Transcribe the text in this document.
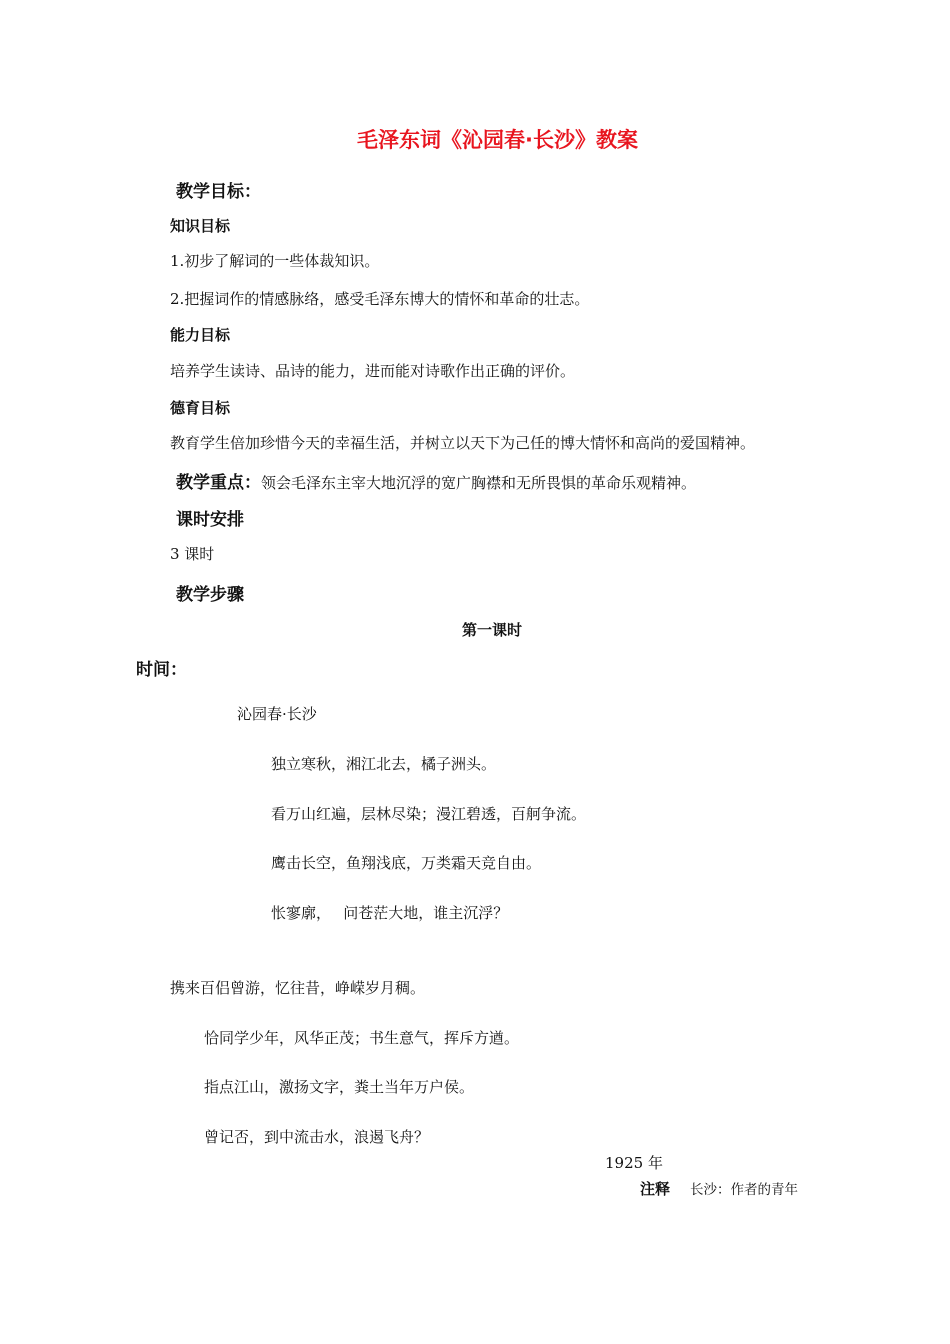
毛泽东词《沁园春·长沙》教案
教学目标：
知识目标
1.初步了解词的一些体裁知识。
2.把握词作的情感脉络，感受毛泽东博大的情怀和革命的壮志。
能力目标
培养学生读诗、品诗的能力，进而能对诗歌作出正确的评价。
德育目标
教育学生倍加珍惜今天的幸福生活，并树立以天下为己任的博大情怀和高尚的爱国精神。
教学重点：领会毛泽东主宰大地沉浮的宽广胸襟和无所畏惧的革命乐观精神。
课时安排
3 课时
教学步骤
第一课时
时间：
沁园春·长沙
独立寒秋，湘江北去，橘子洲头。
看万山红遍，层林尽染；漫江碧透，百舸争流。
鹰击长空，鱼翔浅底，万类霜天竞自由。
怅寥廓，　 问苍茫大地，谁主沉浮？
携来百侣曾游，忆往昔，峥嵘岁月稠。
恰同学少年，风华正茂；书生意气，挥斥方遒。
指点江山，激扬文字，粪土当年万户侯。
曾记否，到中流击水，浪遏飞舟？
1925 年
注释 长沙：作者的青年
